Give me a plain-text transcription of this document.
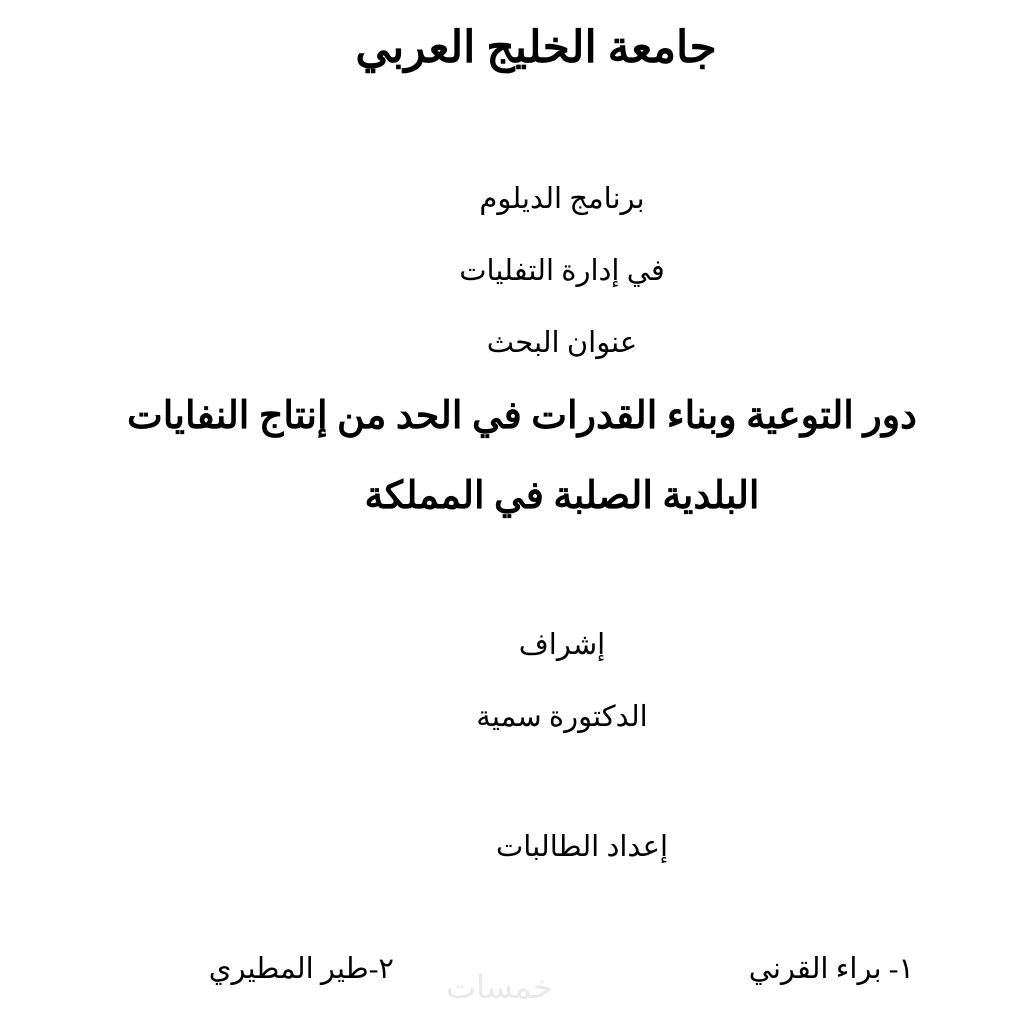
جامعة الخليج العربي
برنامج الديلوم
في إدارة التفليات
عنوان البحث
دور التوعية وبناء القدرات في الحد من إنتاج النفايات
البلدية الصلبة في المملكة
إشراف
الدكتورة سمية
إعداد الطالبات
١- براء القرني
٢-طير المطيري خمسات
